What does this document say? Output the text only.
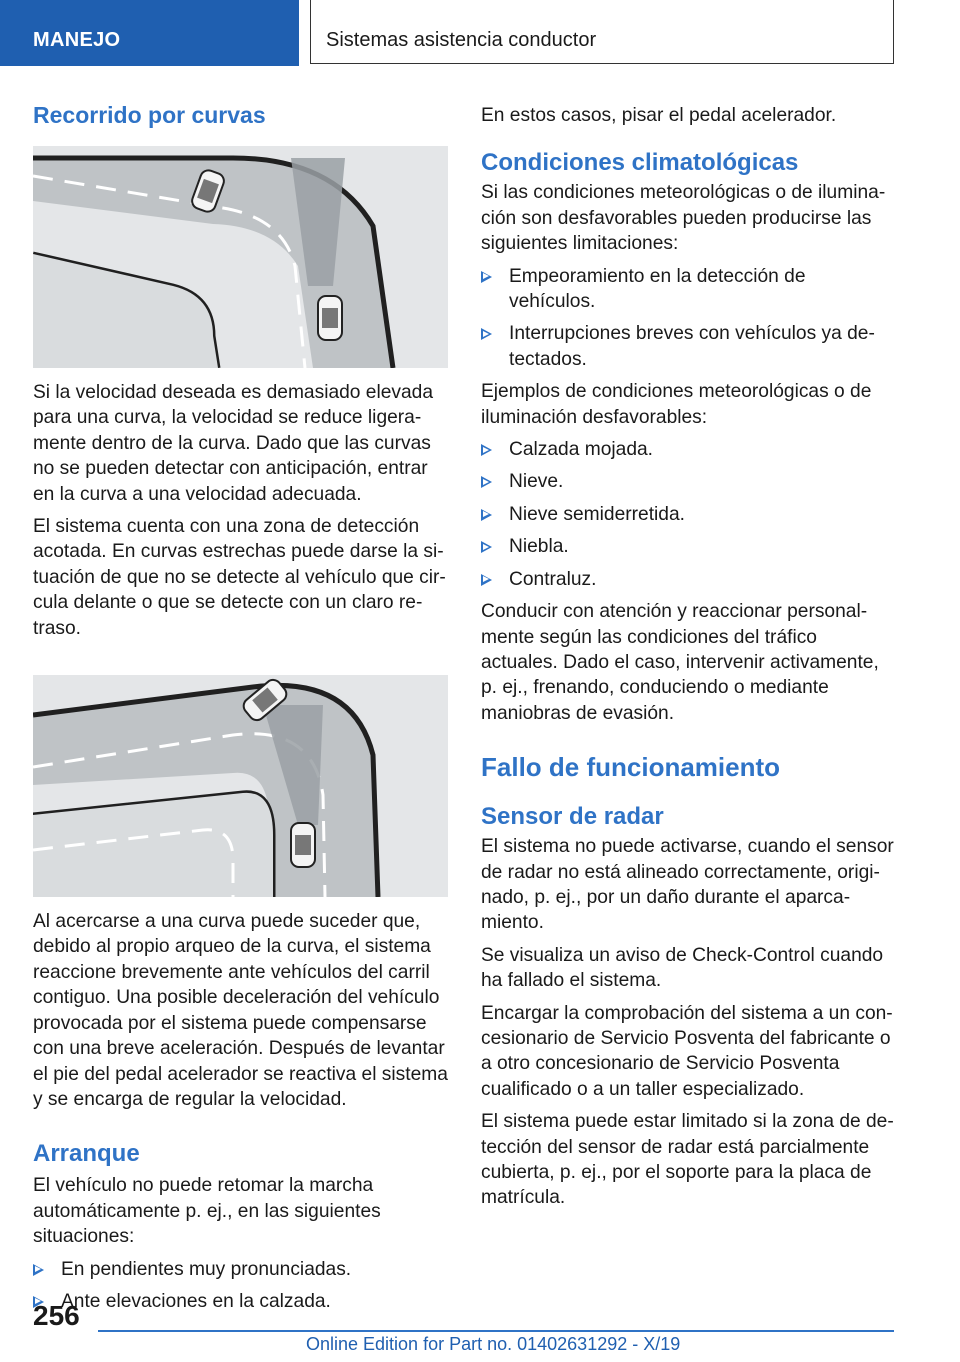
MANEJO	Sistemas asistencia conductor
Recorrido por curvas

Si la velocidad deseada es demasiado elevada para una curva, la velocidad se reduce ligeramente dentro de la curva. Dado que las curvas no se pueden detectar con anticipación, entrar en la curva a una velocidad adecuada.

El sistema cuenta con una zona de detección acotada. En curvas estrechas puede darse la situación de que no se detecte al vehículo que circula delante o que se detecte con un claro retraso.

Al acercarse a una curva puede suceder que, debido al propio arqueo de la curva, el sistema reaccione brevemente ante vehículos del carril contiguo. Una posible deceleración del vehículo provocada por el sistema puede compensarse con una breve aceleración. Después de levantar el pie del pedal acelerador se reactiva el sistema y se encarga de regular la velocidad.

Arranque

El vehículo no puede retomar la marcha automáticamente p. ej., en las siguientes situaciones:

En pendientes muy pronunciadas.
Ante elevaciones en la calzada.

En estos casos, pisar el pedal acelerador.

Condiciones climatológicas

Si las condiciones meteorológicas o de iluminación son desfavorables pueden producirse las siguientes limitaciones:

Empeoramiento en la detección de vehículos.
Interrupciones breves con vehículos ya detectados.

Ejemplos de condiciones meteorológicas o de iluminación desfavorables:

Calzada mojada.
Nieve.
Nieve semiderretida.
Niebla.
Contraluz.

Conducir con atención y reaccionar personalmente según las condiciones del tráfico actuales. Dado el caso, intervenir activamente, p. ej., frenando, conduciendo o mediante maniobras de evasión.

Fallo de funcionamiento
Sensor de radar

El sistema no puede activarse, cuando el sensor de radar no está alineado correctamente, originado, p. ej., por un daño durante el aparcamiento.

Se visualiza un aviso de Check-Control cuando ha fallado el sistema.

Encargar la comprobación del sistema a un concesionario de Servicio Posventa del fabricante o a otro concesionario de Servicio Posventa cualificado o a un taller especializado.

El sistema puede estar limitado si la zona de detección del sensor de radar está parcialmente cubierta, p. ej., por el soporte para la placa de matrícula.

256
Online Edition for Part no. 01402631292 - X/19
